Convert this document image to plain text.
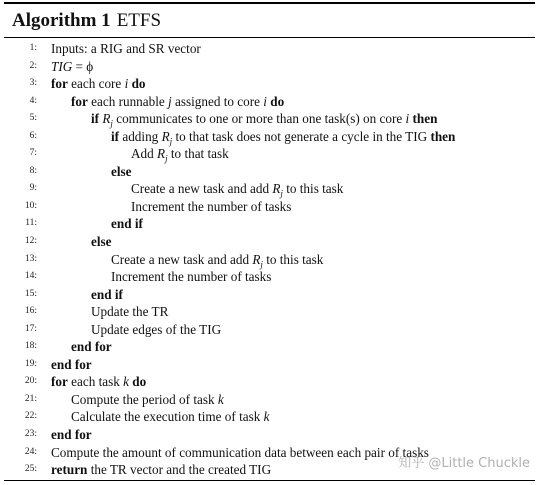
Algorithm 1 ETFS
1: Inputs: a RIG and SR vector
2: TIG = ϕ
3: for each core i do
4:	for each runnable j assigned to core i do
5:	if $R_j$ communicates to one or more than one task(s) on core i then
6:	if adding $R_j$ to that task does not generate a cycle in the TIG then
7:	Add $R_j$ to that task
8:	else
9:	Create a new task and add $R_j$ to this task
10:	Increment the number of tasks
11:	end if
12:	else
13:	Create a new task and add $R_j$ to this task
14:	Increment the number of tasks
15:	end if
16:	Update the TR
17:	Update edges of the TIG
18:	end for
19: end for
20: for each task k do
21:	Compute the period of task k
22:	Calculate the execution time of task k
23: end for
24: Compute the amount of communication data between each pair of tasks
25: return the TR vector and the created TIG	知乎 @Little Chuckle
